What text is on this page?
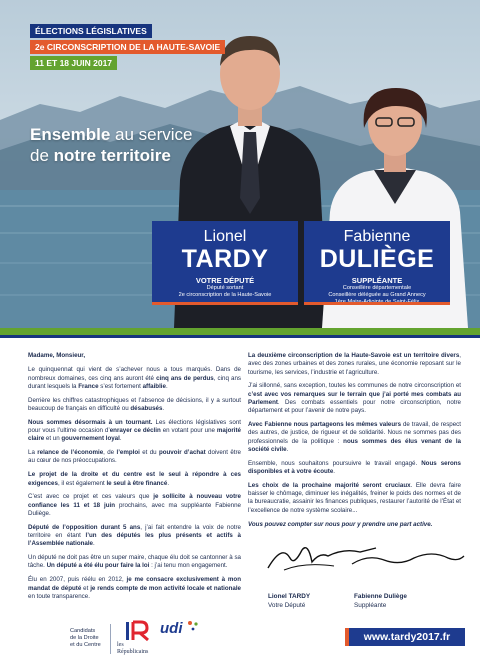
ÉLECTIONS LÉGISLATIVES
2e CIRCONSCRIPTION DE LA HAUTE-SAVOIE
11 ET 18 JUIN 2017
Ensemble au service
de notre territoire
Lionel
TARDY
VOTRE DÉPUTÉ
Député sortant
2e circonscription de la Haute-Savoie
Fabienne
DULIÈGE
SUPPLÉANTE
Conseillère départementale
Conseillère déléguée au Grand Annecy

Madame, Monsieur,

Le quinquennat qui vient de s’achever nous a tous marqués. Dans de nombreux domaines, ces cinq ans auront été cinq ans de perdus, cinq ans durant lesquels la France s’est fortement affaiblie.

Derrière les chiffres catastrophiques et l’absence de décisions, il y a surtout beaucoup de français en difficulté ou désabusés.

Nous sommes désormais à un tournant. Les élections législatives sont pour vous l’ultime occasion d’enrayer ce déclin en votant pour une majorité claire et un gouvernement loyal.

La relance de l’économie, de l’emploi et du pouvoir d’achat doivent être au cœur de nos préoccupations.

Le projet de la droite et du centre est le seul à répondre à ces exigences, il est également le seul à être financé.

C’est avec ce projet et ces valeurs que je sollicite à nouveau votre confiance les 11 et 18 juin prochains, avec ma suppléante Fabienne Duliège.

Député de l’opposition durant 5 ans, j’ai fait entendre la voix de notre territoire en étant l’un des députés les plus présents et actifs à l’Assemblée nationale.

Un député ne doit pas être un super maire, chaque élu doit se cantonner à sa tâche. Un député a été élu pour faire la loi : j’ai tenu mon engagement.

Élu en 2007, puis réélu en 2012, je me consacre exclusivement à mon mandat de député et je rends compte de mon activité locale et nationale en toute transparence.

La deuxième circonscription de la Haute-Savoie est un territoire divers, avec des zones urbaines et des zones rurales, une économie reposant sur le tourisme, les services, l’industrie et l’agriculture.

J’ai sillonné, sans exception, toutes les communes de notre circonscription et c’est avec vos remarques sur le terrain que j’ai porté mes combats au Parlement. Des combats essentiels pour notre circonscription, notre département et pour l’avenir de notre pays.

Avec Fabienne nous partageons les mêmes valeurs de travail, de respect des autres, de justice, de rigueur et de solidarité. Nous ne sommes pas des professionnels de la politique : nous sommes des élus venant de la société civile.

Ensemble, nous souhaitons poursuivre le travail engagé. Nous serons disponibles et à votre écoute.

Les choix de la prochaine majorité seront cruciaux. Elle devra faire baisser le chômage, diminuer les inégalités, freiner le poids des normes et de la bureaucratie, assainir les finances publiques, restaurer l’autorité de l’État et l’excellence de notre système scolaire...

Vous pouvez compter sur nous pour y prendre une part active.

Lionel TARDY
Votre Député
Fabienne Duliège
Suppléante
Candidats
de la Droite
et du Centre	les
Républicains
udi	www.tardy2017.fr
